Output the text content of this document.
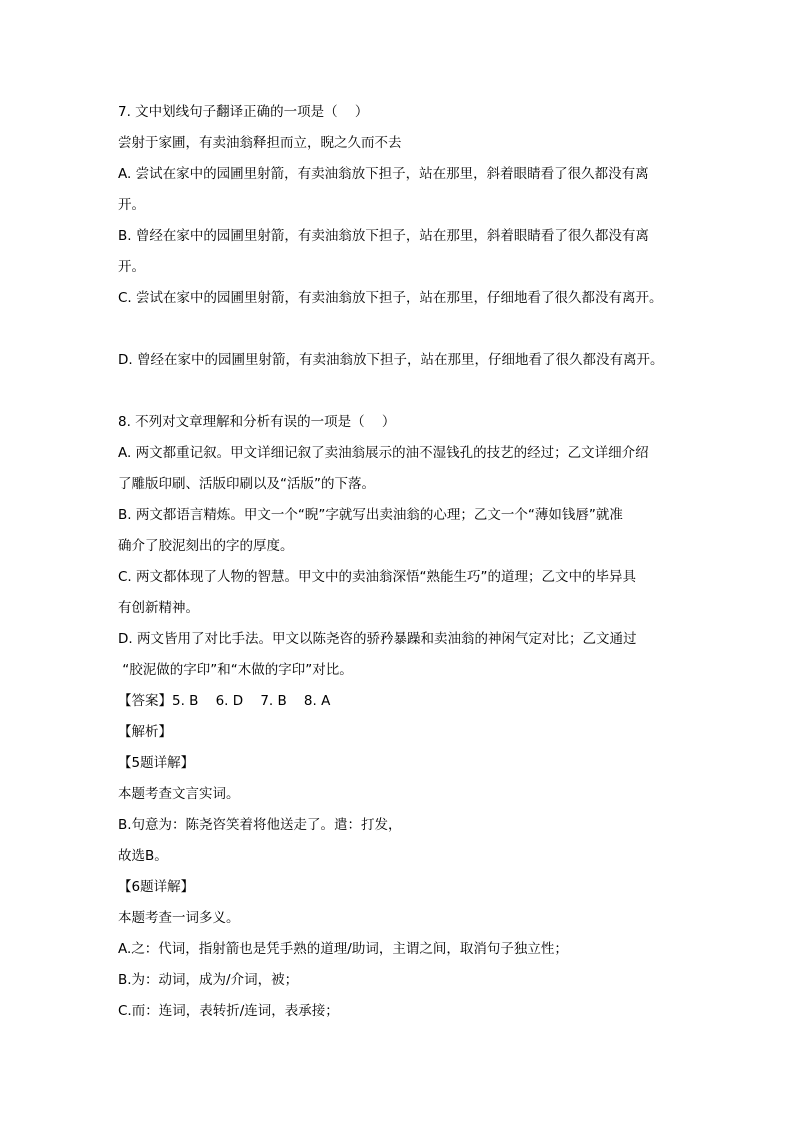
7. 文中划线句子翻译正确的一项是（    ）
尝射于家圃，有卖油翁释担而立，睨之久而不去
A. 尝试在家中的园圃里射箭，有卖油翁放下担子，站在那里，斜着眼睛看了很久都没有离
开。
B. 曾经在家中的园圃里射箭，有卖油翁放下担子，站在那里，斜着眼睛看了很久都没有离
开。
C. 尝试在家中的园圃里射箭，有卖油翁放下担子，站在那里，仔细地看了很久都没有离开。
D. 曾经在家中的园圃里射箭，有卖油翁放下担子，站在那里，仔细地看了很久都没有离开。
8. 不列对文章理解和分析有误的一项是（    ）
A. 两文都重记叙。甲文详细记叙了卖油翁展示的油不湿钱孔的技艺的经过；乙文详细介绍
了雕版印刷、活版印刷以及“活版”的下落。
B. 两文都语言精炼。甲文一个“睨”字就写出卖油翁的心理；乙文一个“薄如钱唇”就准
确介了胶泥刻出的字的厚度。
C. 两文都体现了人物的智慧。甲文中的卖油翁深悟“熟能生巧”的道理；乙文中的毕异具
有创新精神。
D. 两文皆用了对比手法。甲文以陈尧咨的骄矜暴躁和卖油翁的神闲气定对比；乙文通过
“胶泥做的字印”和“木做的字印”对比。
【答案】5. B    6. D    7. B    8. A
【解析】
【5题详解】
本题考查文言实词。
B.句意为：陈尧咨笑着将他送走了。遣：打发，
故选B。
【6题详解】
本题考查一词多义。
A.之：代词，指射箭也是凭手熟的道理/助词，主谓之间，取消句子独立性；
B.为：动词，成为/介词，被；
C.而：连词，表转折/连词，表承接；
